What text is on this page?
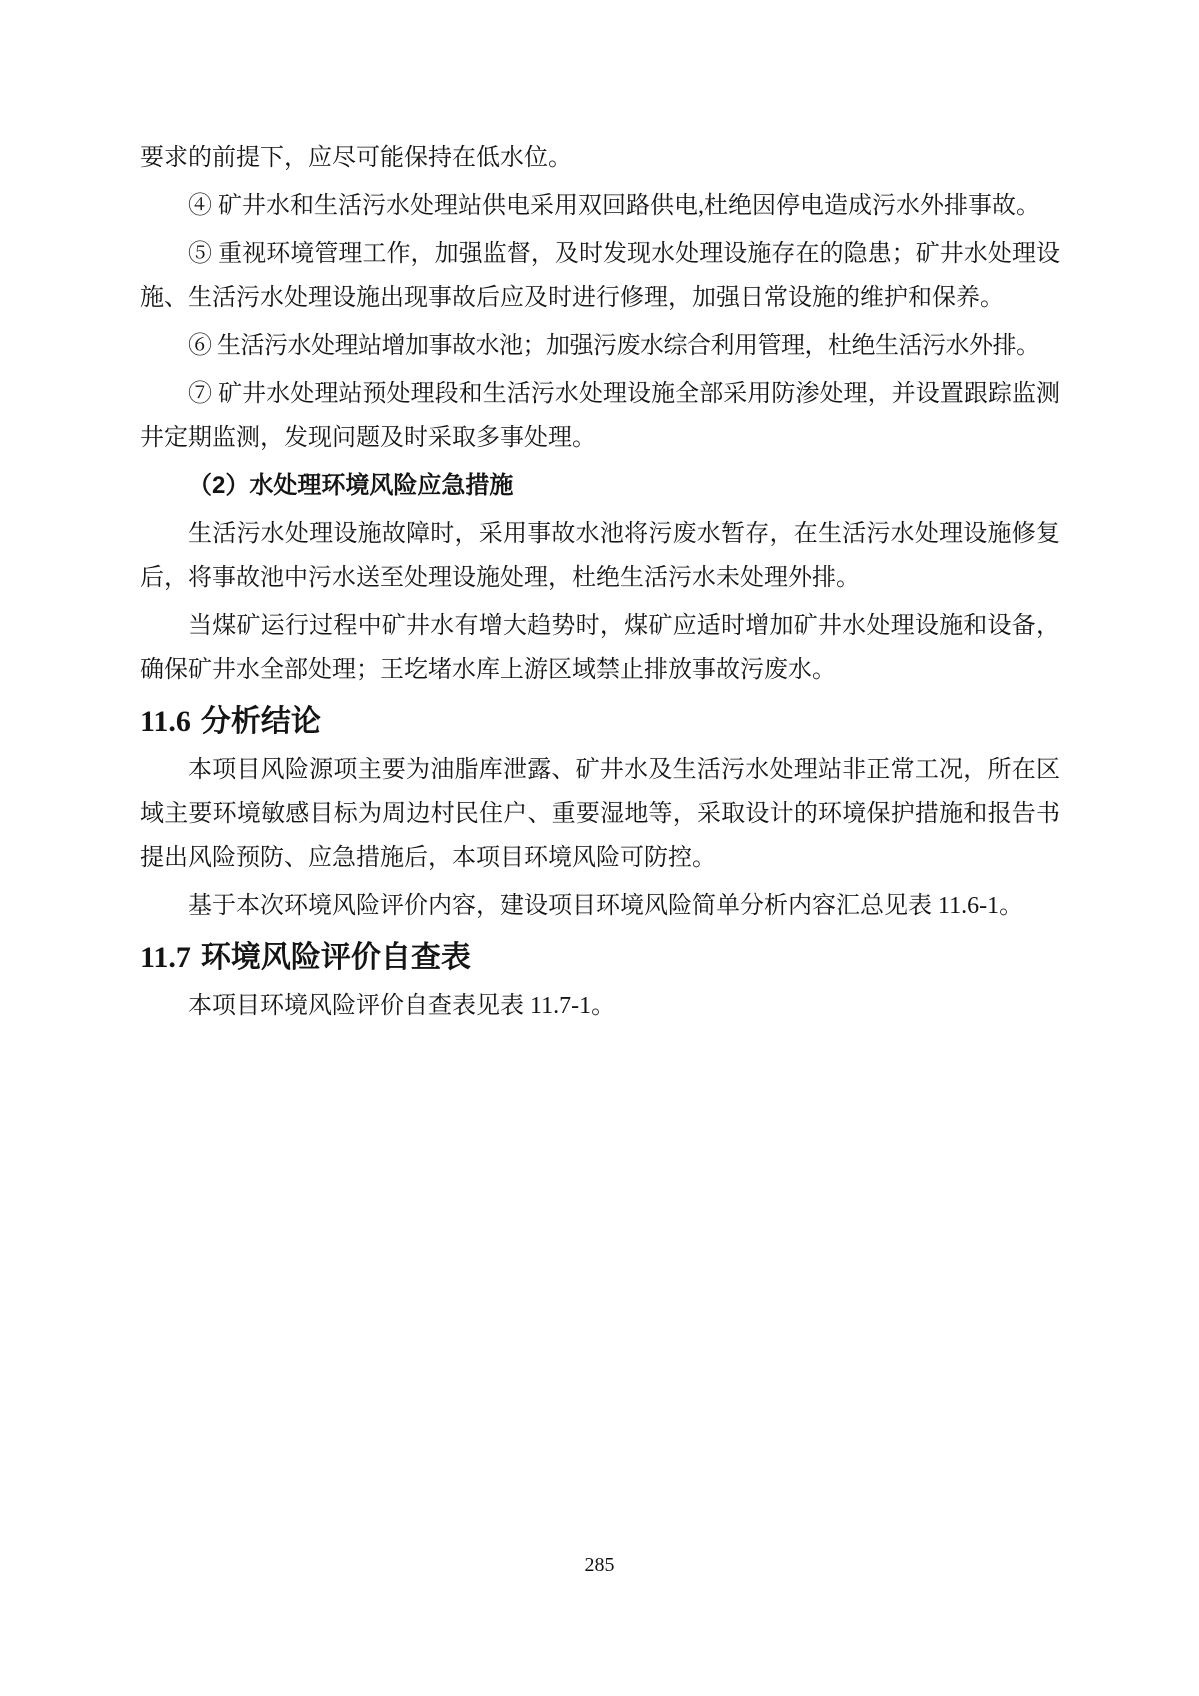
要求的前提下，应尽可能保持在低水位。

④ 矿井水和生活污水处理站供电采用双回路供电,杜绝因停电造成污水外排事故。

⑤ 重视环境管理工作，加强监督，及时发现水处理设施存在的隐患；矿井水处理设施、生活污水处理设施出现事故后应及时进行修理，加强日常设施的维护和保养。

⑥ 生活污水处理站增加事故水池；加强污废水综合利用管理，杜绝生活污水外排。

⑦ 矿井水处理站预处理段和生活污水处理设施全部采用防渗处理，并设置跟踪监测井定期监测，发现问题及时采取多事处理。

（2）水处理环境风险应急措施

生活污水处理设施故障时，采用事故水池将污废水暂存，在生活污水处理设施修复后，将事故池中污水送至处理设施处理，杜绝生活污水未处理外排。

当煤矿运行过程中矿井水有增大趋势时，煤矿应适时增加矿井水处理设施和设备，确保矿井水全部处理；王圪堵水库上游区域禁止排放事故污废水。

11.6 分析结论

本项目风险源项主要为油脂库泄露、矿井水及生活污水处理站非正常工况，所在区域主要环境敏感目标为周边村民住户、重要湿地等，采取设计的环境保护措施和报告书提出风险预防、应急措施后，本项目环境风险可防控。

基于本次环境风险评价内容，建设项目环境风险简单分析内容汇总见表 11.6-1。

11.7 环境风险评价自查表

本项目环境风险评价自查表见表 11.7-1。

285
